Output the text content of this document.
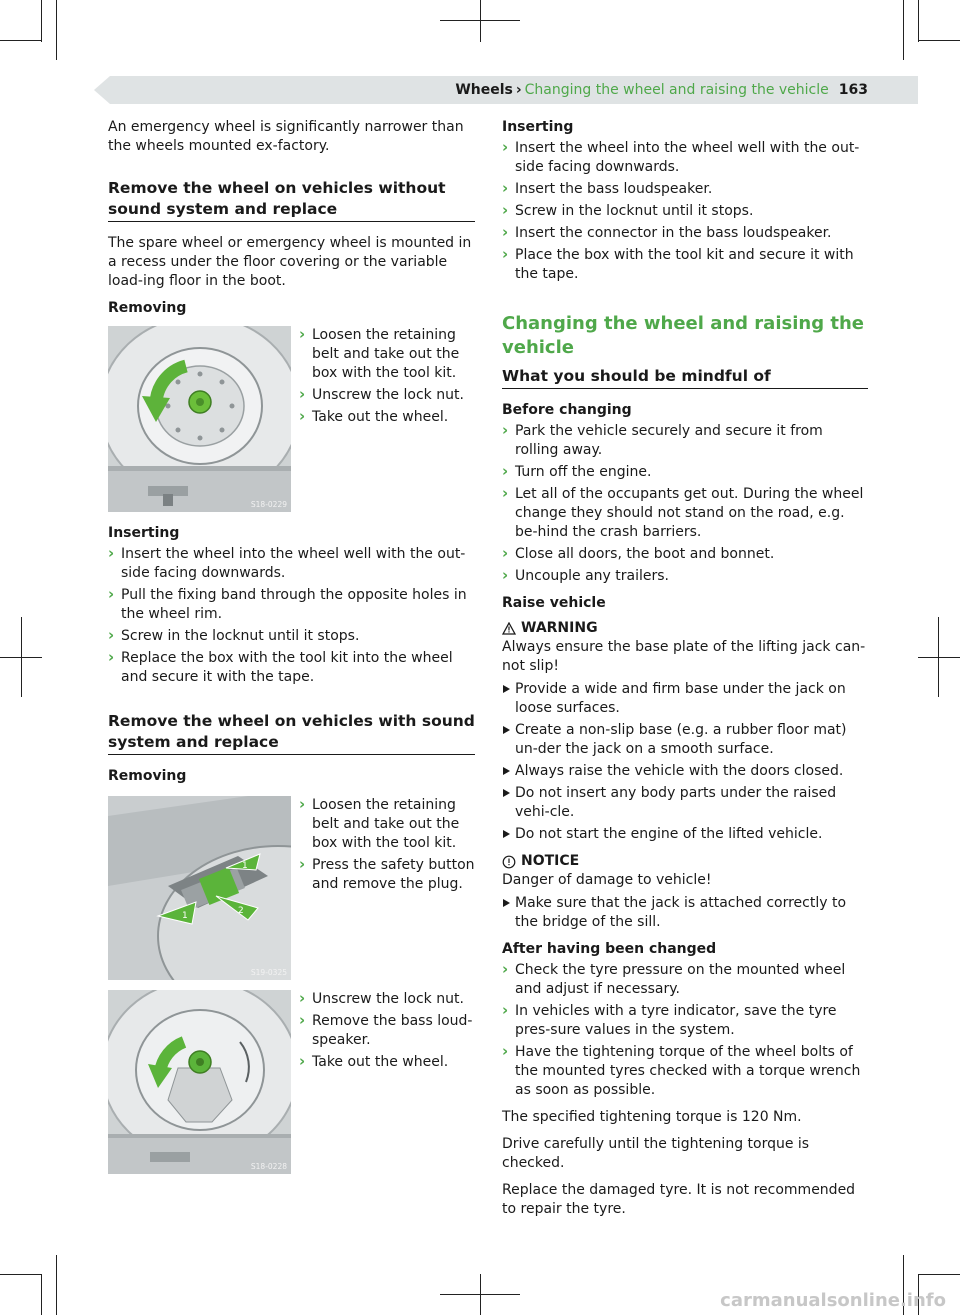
Wheels › Changing the wheel and raising the vehicle 163

An emergency wheel is significantly narrower than the wheels mounted ex-factory.

Remove the wheel on vehicles without sound system and replace

The spare wheel or emergency wheel is mounted in a recess under the floor covering or the variable load-ing floor in the boot.

Removing

S18-0229
› Loosen the retaining belt and take out the box with the tool kit.
› Unscrew the lock nut.
› Take out the wheel.

Inserting

› Insert the wheel into the wheel well with the out-side facing downwards.
› Pull the fixing band through the opposite holes in the wheel rim.
› Screw in the locknut until it stops.
› Replace the box with the tool kit into the wheel and secure it with the tape.
Remove the wheel on vehicles with sound system and replace

Removing

1
1
2
S19-0325
› Loosen the retaining belt and take out the box with the tool kit.
› Press the safety button and remove the plug.
S18-0228
› Unscrew the lock nut.
› Remove the bass loud-speaker.
› Take out the wheel.

Inserting

› Insert the wheel into the wheel well with the out-side facing downwards.
› Insert the bass loudspeaker.
› Screw in the locknut until it stops.
› Insert the connector in the bass loudspeaker.
› Place the box with the tool kit and secure it with the tape.
Changing the wheel and raising the vehicle
What you should be mindful of

Before changing

› Park the vehicle securely and secure it from rolling away.
› Turn off the engine.
› Let all of the occupants get out. During the wheel change they should not stand on the road, e.g. be-hind the crash barriers.
› Close all doors, the boot and bonnet.
› Uncouple any trailers.

Raise vehicle

WARNING

Always ensure the base plate of the lifting jack can-not slip!

Provide a wide and firm base under the jack on loose surfaces.
Create a non-slip base (e.g. a rubber floor mat) un-der the jack on a smooth surface.
Always raise the vehicle with the doors closed.
Do not insert any body parts under the raised vehi-cle.
Do not start the engine of the lifted vehicle.
NOTICE

Danger of damage to vehicle!

Make sure that the jack is attached correctly to the bridge of the sill.

After having been changed

› Check the tyre pressure on the mounted wheel and adjust if necessary.
› In vehicles with a tyre indicator, save the tyre pres-sure values in the system.
› Have the tightening torque of the wheel bolts of the mounted tyres checked with a torque wrench as soon as possible.

The specified tightening torque is 120 Nm.

Drive carefully until the tightening torque is checked.

Replace the damaged tyre. It is not recommended to repair the tyre.

carmanualsonline.info
